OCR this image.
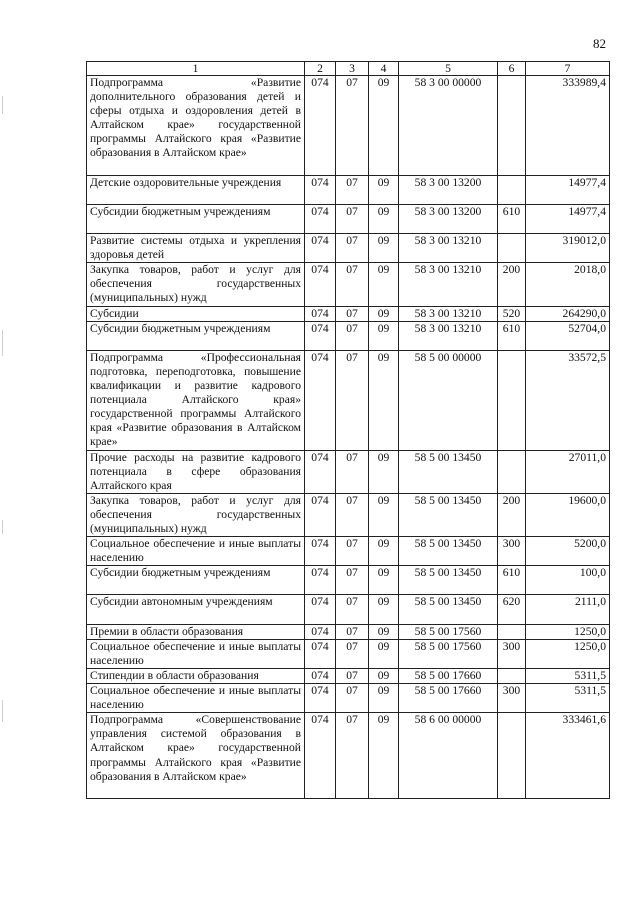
82
1	2	3	4	5	6	7
Подпрограмма «Развитие дополнительного образования детей и сферы отдыха и оздоровления детей в Алтайском крае» государственной программы Алтайского края «Развитие образования в Алтайском крае»	074	07	09	58 3 00 00000		333989,4
Детские оздоровительные учреждения	074	07	09	58 3 00 13200		14977,4
Субсидии бюджетным учреждениям	074	07	09	58 3 00 13200	610	14977,4
Развитие системы отдыха и укрепления здоровья детей	074	07	09	58 3 00 13210		319012,0
Закупка товаров, работ и услуг для обеспечения государственных (муниципальных) нужд	074	07	09	58 3 00 13210	200	2018,0
Субсидии	074	07	09	58 3 00 13210	520	264290,0
Субсидии бюджетным учреждениям	074	07	09	58 3 00 13210	610	52704,0
Подпрограмма «Профессиональная подготовка, переподготовка, повышение квалификации и развитие кадрового потенциала Алтайского края» государственной программы Алтайского края «Развитие образования в Алтайском крае»	074	07	09	58 5 00 00000		33572,5
Прочие расходы на развитие кадрового потенциала в сфере образования Алтайского края	074	07	09	58 5 00 13450		27011,0
Закупка товаров, работ и услуг для обеспечения государственных (муниципальных) нужд	074	07	09	58 5 00 13450	200	19600,0
Социальное обеспечение и иные выплаты населению	074	07	09	58 5 00 13450	300	5200,0
Субсидии бюджетным учреждениям	074	07	09	58 5 00 13450	610	100,0
Субсидии автономным учреждениям	074	07	09	58 5 00 13450	620	2111,0
Премии в области образования	074	07	09	58 5 00 17560		1250,0
Социальное обеспечение и иные выплаты населению	074	07	09	58 5 00 17560	300	1250,0
Стипендии в области образования	074	07	09	58 5 00 17660		5311,5
Социальное обеспечение и иные выплаты населению	074	07	09	58 5 00 17660	300	5311,5
Подпрограмма «Совершенствование управления системой образования в Алтайском крае» государственной программы Алтайского края «Развитие образования в Алтайском крае»	074	07	09	58 6 00 00000		333461,6
